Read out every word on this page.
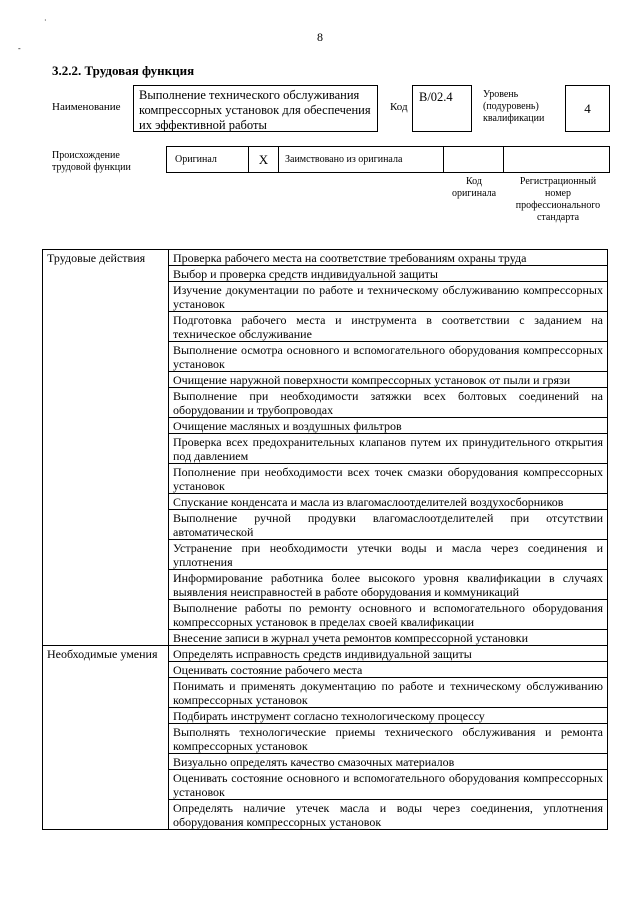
·
-
8
3.2.2. Трудовая функция
Наименование
Выполнение технического обслуживания компрессорных установок для обеспечения их эффективной работы
Код
B/02.4	Уровень (подуровень) квалификации
4
Происхождение трудовой функции
Оригинал	X Заимствовано из оригинала
Код оригинала
Регистрационный номер профессионального стандарта
Трудовые действия	Проверка рабочего места на соответствие требованиям охраны труда
	Выбор и проверка средств индивидуальной защиты
	Изучение документации по работе и техническому обслуживанию компрессорных установок
	Подготовка рабочего места и инструмента в соответствии с заданием на техническое обслуживание
	Выполнение осмотра основного и вспомогательного оборудования компрессорных установок
	Очищение наружной поверхности компрессорных установок от пыли и грязи
	Выполнение при необходимости затяжки всех болтовых соединений на оборудовании и трубопроводах
	Очищение масляных и воздушных фильтров
	Проверка всех предохранительных клапанов путем их принудительного открытия под давлением
	Пополнение при необходимости всех точек смазки оборудования компрессорных установок
	Спускание конденсата и масла из влагомаслоотделителей воздухосборников
	Выполнение ручной продувки влагомаслоотделителей при отсутствии автоматической
	Устранение при необходимости утечки воды и масла через соединения и уплотнения
	Информирование работника более высокого уровня квалификации в случаях выявления неисправностей в работе оборудования и коммуникаций
	Выполнение работы по ремонту основного и вспомогательного оборудования компрессорных установок в пределах своей квалификации
	Внесение записи в журнал учета ремонтов компрессорной установки
Необходимые умения	Определять исправность средств индивидуальной защиты
	Оценивать состояние рабочего места
	Понимать и применять документацию по работе и техническому обслуживанию компрессорных установок
	Подбирать инструмент согласно технологическому процессу
	Выполнять технологические приемы технического обслуживания и ремонта компрессорных установок
	Визуально определять качество смазочных материалов
	Оценивать состояние основного и вспомогательного оборудования компрессорных установок
	Определять наличие утечек масла и воды через соединения, уплотнения оборудования компрессорных установок
